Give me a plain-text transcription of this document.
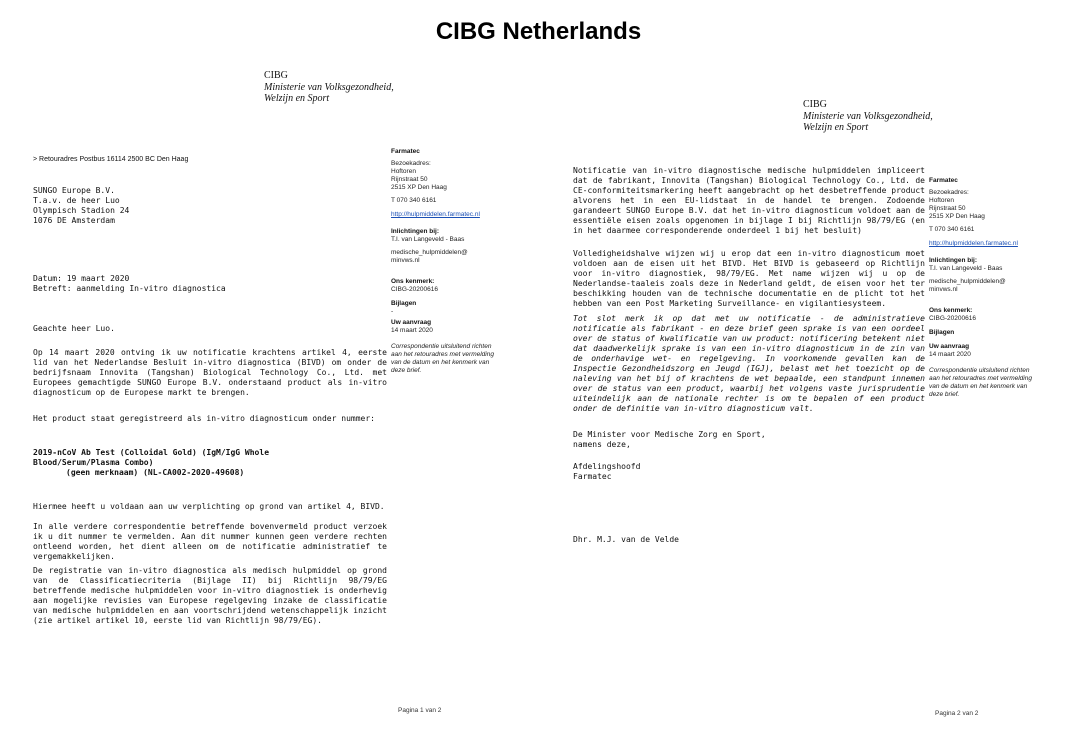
CIBG Netherlands
CIBG
Ministerie van Volksgezondheid,
Welzijn en Sport
> Retouradres Postbus 16114 2500 BC Den Haag
SUNGO Europe B.V.
T.a.v. de heer Luo
Olympisch Stadion 24
1076 DE Amsterdam
Datum: 19 maart 2020
Betreft: aanmelding In-vitro diagnostica
Geachte heer Luo.
Op 14 maart 2020 ontving ik uw notificatie krachtens artikel 4, eerste lid van het Nederlandse Besluit in-vitro diagnostica (BIVD) om onder de bedrijfsnaam Innovita (Tangshan) Biological Technology Co., Ltd. met Europees gemachtigde SUNGO Europe B.V. onderstaand product als in-vitro diagnosticum op de Europese markt te brengen.
Het product staat geregistreerd als in-vitro diagnosticum onder nummer:
2019-nCoV Ab Test (Colloidal Gold) (IgM/IgG Whole
Blood/Serum/Plasma Combo)
(geen merknaam) (NL-CA002-2020-49608)
Hiermee heeft u voldaan aan uw verplichting op grond van artikel 4, BIVD.
In alle verdere correspondentie betreffende bovenvermeld product verzoek ik u dit nummer te vermelden. Aan dit nummer kunnen geen verdere rechten ontleend worden, het dient alleen om de notificatie administratief te vergemakkelijken.
De registratie van in-vitro diagnostica als medisch hulpmiddel op grond van de Classificatiecriteria (Bijlage II) bij Richtlijn 98/79/EG betreffende medische hulpmiddelen voor in-vitro diagnostiek is onderhevig aan mogelijke revisies van Europese regelgeving inzake de classificatie van medische hulpmiddelen en aan voortschrijdend wetenschappelijk inzicht (zie artikel artikel 10, eerste lid van Richtlijn 98/79/EG).
Farmatec
Bezoekadres:
Hoftoren
Rijnstraat 50
2515 XP Den Haag
T 070 340 6161
http://hulpmiddelen.farmatec.nl
Inlichtingen bij:
T.I. van Langeveld - Baas
medische_hulpmiddelen@
minvws.nl
Ons kenmerk:
CIBG-20200616
Bijlagen
-
Uw aanvraag
14 maart 2020
Correspondentie uitsluitend richten aan het retouradres met vermelding van de datum en het kenmerk van deze brief.
Pagina 1 van 2
CIBG
Ministerie van Volksgezondheid,
Welzijn en Sport
Notificatie van in-vitro diagnostische medische hulpmiddelen impliceert dat de fabrikant, Innovita (Tangshan) Biological Technology Co., Ltd. de CE-conformiteitsmarkering heeft aangebracht op het desbetreffende product alvorens het in een EU-lidstaat in de handel te brengen. Zodoende garandeert SUNGO Europe B.V. dat het in-vitro diagnosticum voldoet aan de essentiële eisen zoals opgenomen in bijlage I bij Richtlijn 98/79/EG (en in het daarmee corresponderende onderdeel 1 bij het besluit)
Volledigheidshalve wijzen wij u erop dat een in-vitro diagnosticum moet voldoen aan de eisen uit het BIVD. Het BIVD is gebaseerd op Richtlijn voor in-vitro diagnostiek, 98/79/EG. Met name wijzen wij u op de Nederlandse-taaleis zoals deze in Nederland geldt, de eisen voor het ter beschikking houden van de technische documentatie en de plicht tot het hebben van een Post Marketing Surveillance- en vigilantiesysteem.
Tot slot merk ik op dat met uw notificatie - de administratieve notificatie als fabrikant - en deze brief geen sprake is van een oordeel over de status of kwalificatie van uw product: notificering betekent niet dat daadwerkelijk sprake is van een in-vitro diagnosticum in de zin van de onderhavige wet- en regelgeving. In voorkomende gevallen kan de Inspectie Gezondheidszorg en Jeugd (IGJ), belast met het toezicht op de naleving van het bij of krachtens de wet bepaalde, een standpunt innemen over de status van een product, waarbij het volgens vaste jurisprudentie uiteindelijk aan de nationale rechter is om te bepalen of een product onder de definitie van in-vitro diagnosticum valt.
De Minister voor Medische Zorg en Sport,
namens deze,
Afdelingshoofd
Farmatec
Dhr. M.J. van de Velde
Farmatec
Bezoekadres:
Hoftoren
Rijnstraat 50
2515 XP Den Haag
T 070 340 6161
http://hulpmiddelen.farmatec.nl
Inlichtingen bij:
T.I. van Langeveld - Baas
medische_hulpmiddelen@
minvws.nl
Ons kenmerk:
CIBG-20200616
Bijlagen
Uw aanvraag
14 maart 2020
Correspondentie uitsluitend richten aan het retouradres met vermelding van de datum en het kenmerk van deze brief.
Pagina 2 van 2
